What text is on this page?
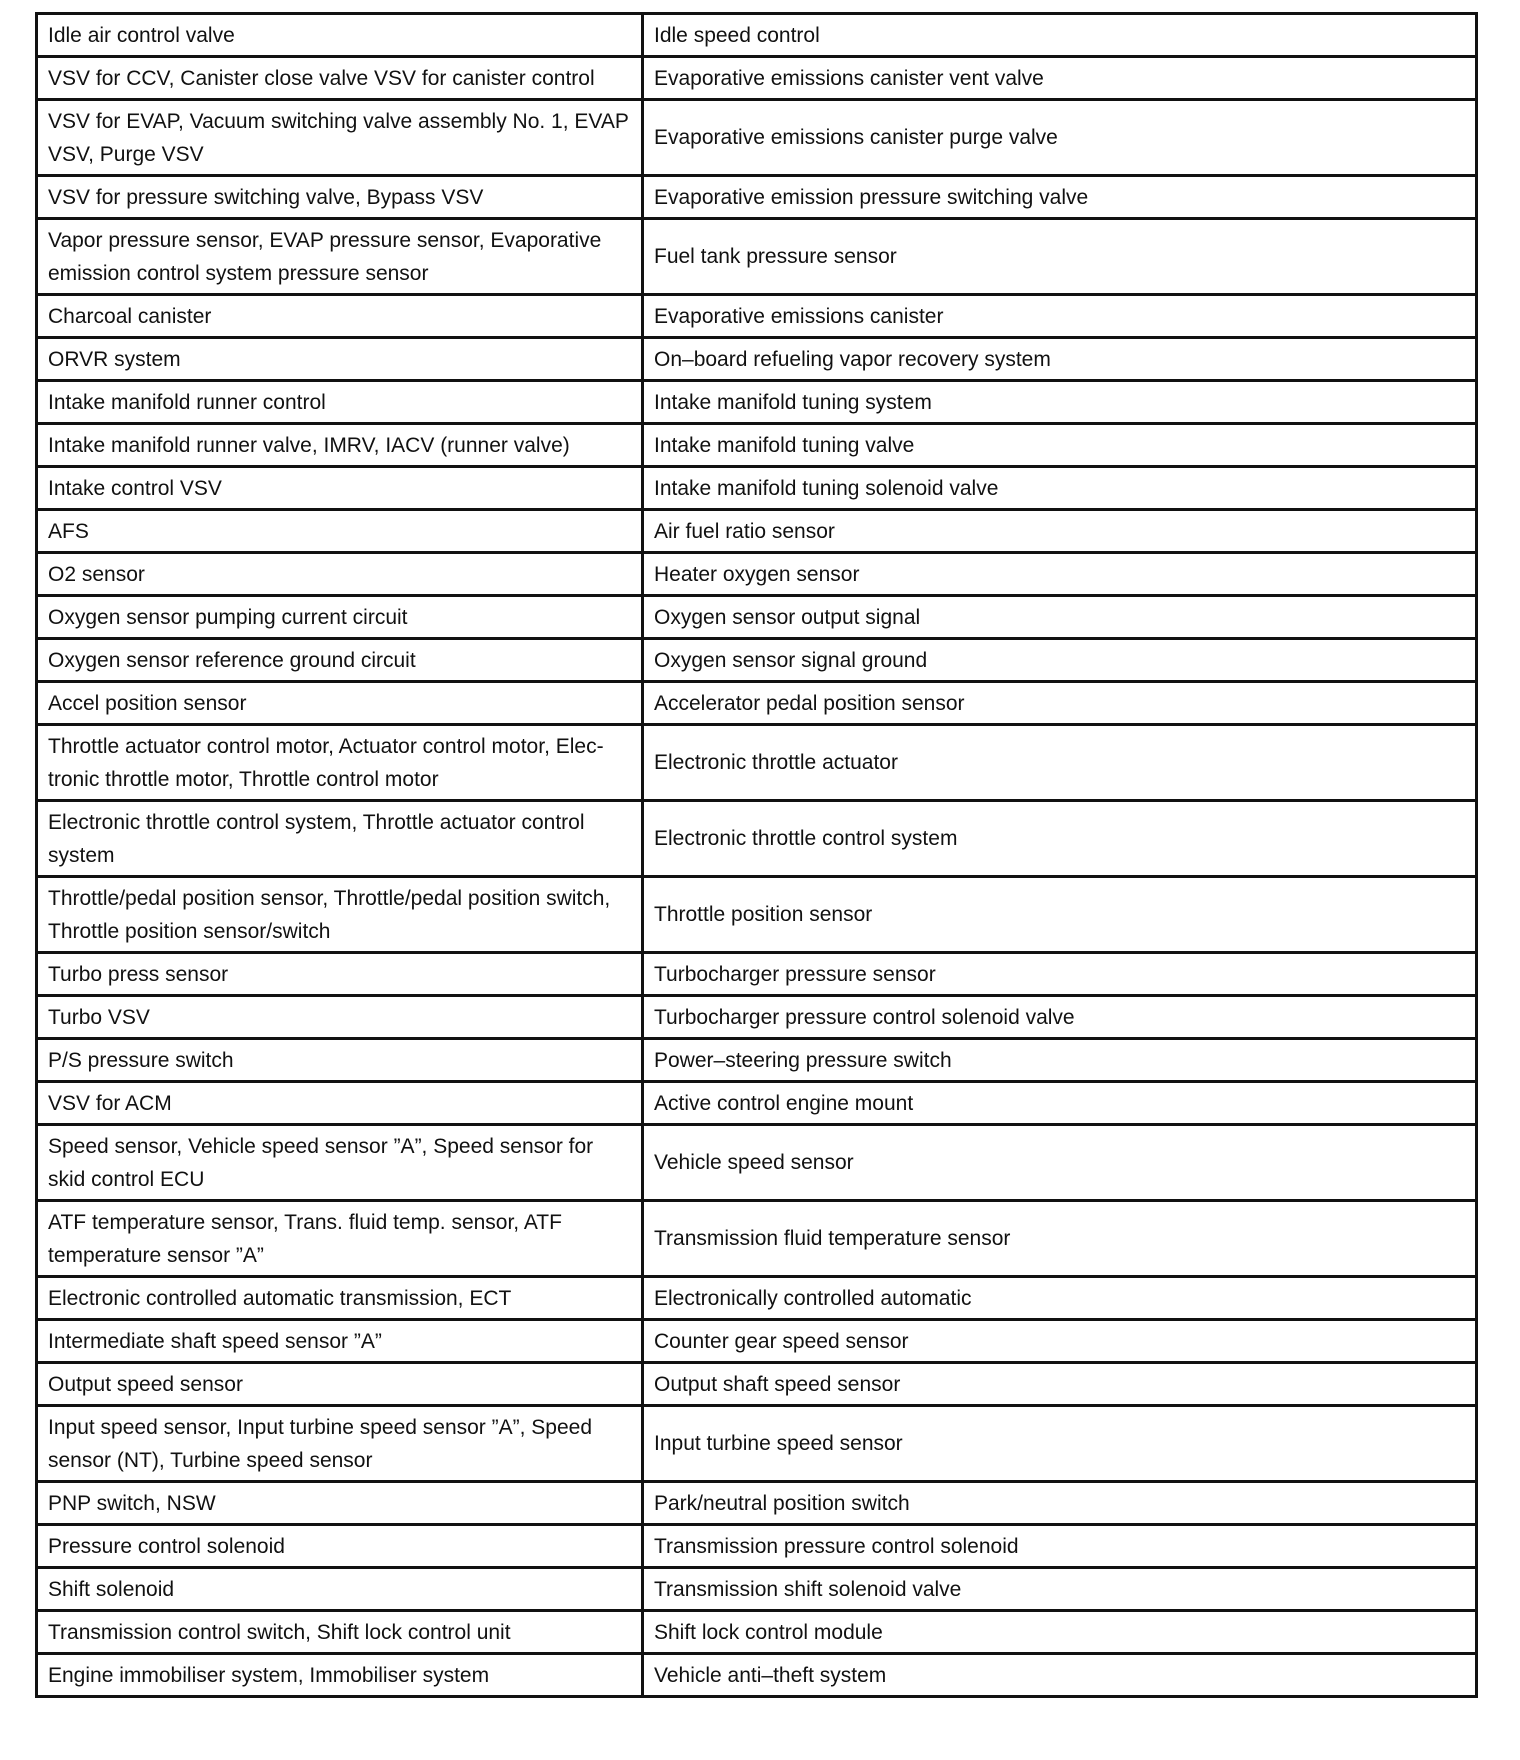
Idle air control valve	Idle speed control
VSV for CCV, Canister close valve VSV for canister control	Evaporative emissions canister vent valve
VSV for EVAP, Vacuum switching valve assembly No. 1, EVAP VSV, Purge VSV	Evaporative emissions canister purge valve
VSV for pressure switching valve, Bypass VSV	Evaporative emission pressure switching valve
Vapor pressure sensor, EVAP pressure sensor, Evaporative emission control system pressure sensor	Fuel tank pressure sensor
Charcoal canister	Evaporative emissions canister
ORVR system	On–board refueling vapor recovery system
Intake manifold runner control	Intake manifold tuning system
Intake manifold runner valve, IMRV, IACV (runner valve)	Intake manifold tuning valve
Intake control VSV	Intake manifold tuning solenoid valve
AFS	Air fuel ratio sensor
O2 sensor	Heater oxygen sensor
Oxygen sensor pumping current circuit	Oxygen sensor output signal
Oxygen sensor reference ground circuit	Oxygen sensor signal ground
Accel position sensor	Accelerator pedal position sensor
Throttle actuator control motor, Actuator control motor, Elec-tronic throttle motor, Throttle control motor	Electronic throttle actuator
Electronic throttle control system, Throttle actuator control system	Electronic throttle control system
Throttle/pedal position sensor, Throttle/pedal position switch, Throttle position sensor/switch	Throttle position sensor
Turbo press sensor	Turbocharger pressure sensor
Turbo VSV	Turbocharger pressure control solenoid valve
P/S pressure switch	Power–steering pressure switch
VSV for ACM	Active control engine mount
Speed sensor, Vehicle speed sensor ”A”, Speed sensor for skid control ECU	Vehicle speed sensor
ATF temperature sensor, Trans. fluid temp. sensor, ATF temperature sensor ”A”	Transmission fluid temperature sensor
Electronic controlled automatic transmission, ECT	Electronically controlled automatic
Intermediate shaft speed sensor ”A”	Counter gear speed sensor
Output speed sensor	Output shaft speed sensor
Input speed sensor, Input turbine speed sensor ”A”, Speed sensor (NT), Turbine speed sensor	Input turbine speed sensor
PNP switch, NSW	Park/neutral position switch
Pressure control solenoid	Transmission pressure control solenoid
Shift solenoid	Transmission shift solenoid valve
Transmission control switch, Shift lock control unit	Shift lock control module
Engine immobiliser system, Immobiliser system	Vehicle anti–theft system
